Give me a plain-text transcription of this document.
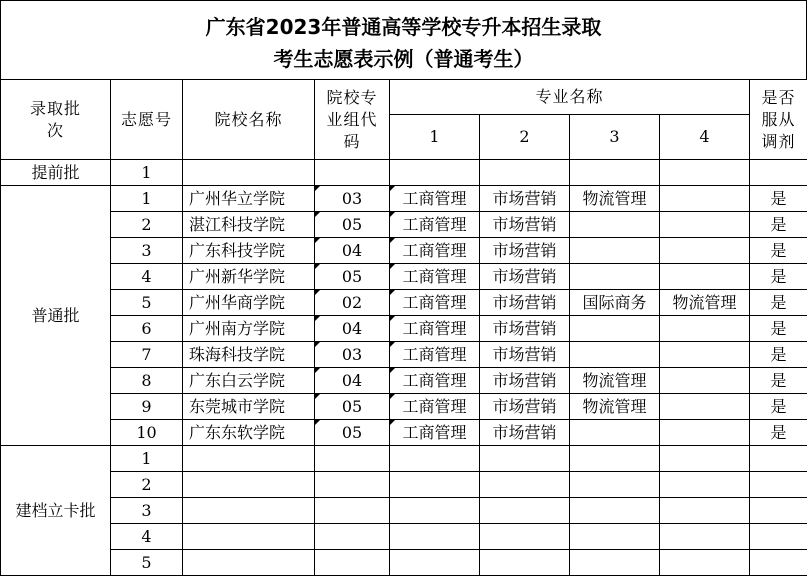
广东省2023年普通高等学校专升本招生录取
考生志愿表示例（普通考生）
录取批次	志愿号	院校名称	院校专业组代码	专业名称				是否服从调剂
				1	2	3	4	
提前批	1							
普通批	1	广州华立学院	03	工商管理	市场营销	物流管理		是
	2	湛江科技学院	05	工商管理	市场营销			是
	3	广东科技学院	04	工商管理	市场营销			是
	4	广州新华学院	05	工商管理	市场营销			是
	5	广州华商学院	02	工商管理	市场营销	国际商务	物流管理	是
	6	广州南方学院	04	工商管理	市场营销			是
	7	珠海科技学院	03	工商管理	市场营销			是
	8	广东白云学院	04	工商管理	市场营销	物流管理		是
	9	东莞城市学院	05	工商管理	市场营销	物流管理		是
	10	广东东软学院	05	工商管理	市场营销			是
建档立卡批	1							
	2							
	3							
	4							
	5							
